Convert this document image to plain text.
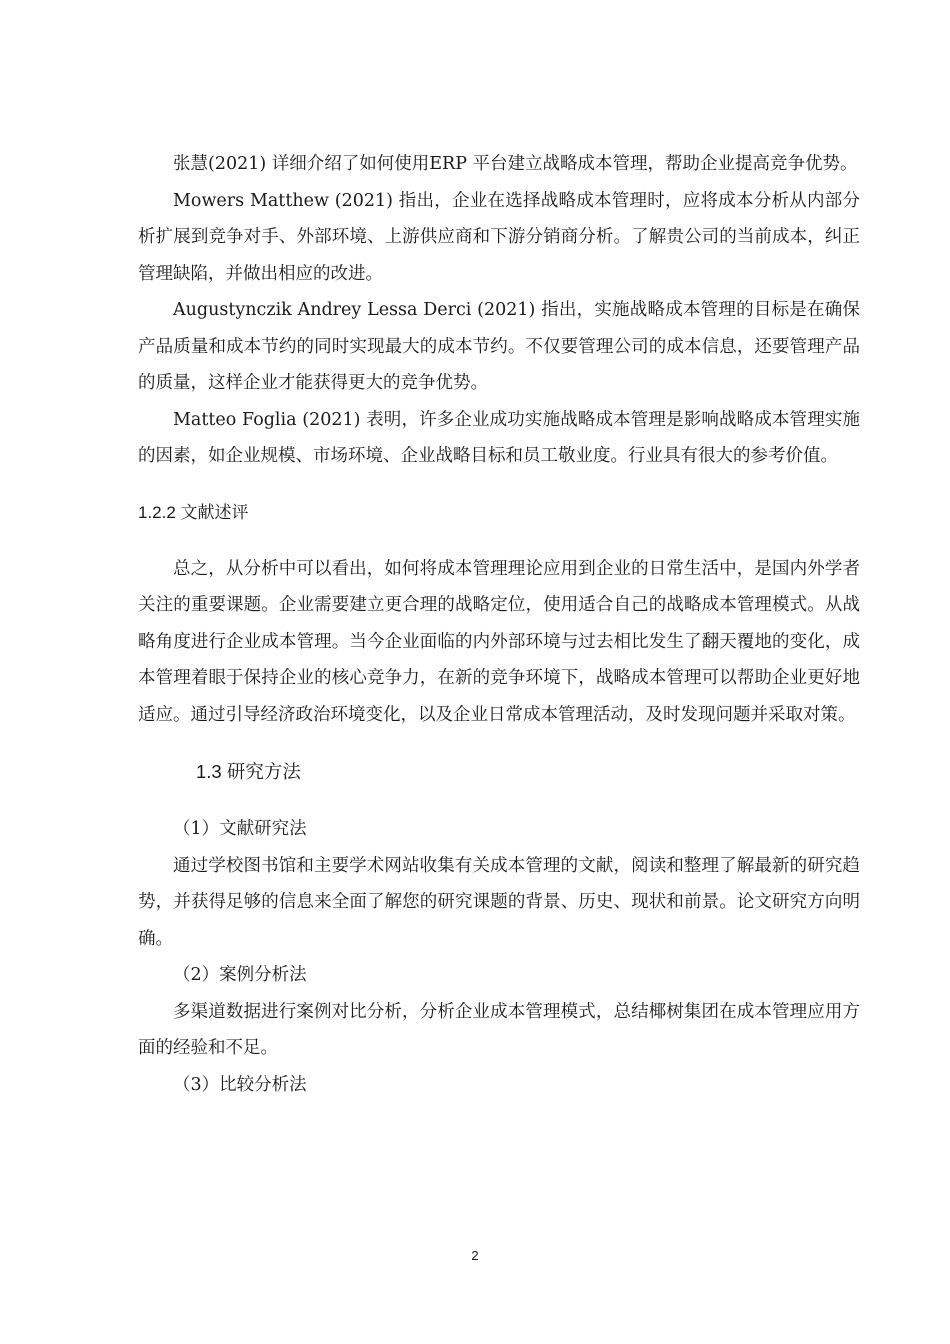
张慧(2021) 详细介绍了如何使用ERP 平台建立战略成本管理，帮助企业提高竞争优势。

Mowers Matthew (2021) 指出，企业在选择战略成本管理时，应将成本分析从内部分析扩展到竞争对手、外部环境、上游供应商和下游分销商分析。了解贵公司的当前成本，纠正管理缺陷，并做出相应的改进。

Augustynczik Andrey Lessa Derci (2021) 指出，实施战略成本管理的目标是在确保产品质量和成本节约的同时实现最大的成本节约。不仅要管理公司的成本信息，还要管理产品的质量，这样企业才能获得更大的竞争优势。

Matteo Foglia (2021) 表明，许多企业成功实施战略成本管理是影响战略成本管理实施的因素，如企业规模、市场环境、企业战略目标和员工敬业度。行业具有很大的参考价值。

1.2.2 文献述评

总之，从分析中可以看出，如何将成本管理理论应用到企业的日常生活中，是国内外学者关注的重要课题。企业需要建立更合理的战略定位，使用适合自己的战略成本管理模式。从战略角度进行企业成本管理。当今企业面临的内外部环境与过去相比发生了翻天覆地的变化，成本管理着眼于保持企业的核心竞争力，在新的竞争环境下，战略成本管理可以帮助企业更好地适应。通过引导经济政治环境变化，以及企业日常成本管理活动，及时发现问题并采取对策。

1.3 研究方法

（1）文献研究法

通过学校图书馆和主要学术网站收集有关成本管理的文献，阅读和整理了解最新的研究趋势，并获得足够的信息来全面了解您的研究课题的背景、历史、现状和前景。论文研究方向明确。

（2）案例分析法

多渠道数据进行案例对比分析，分析企业成本管理模式，总结椰树集团在成本管理应用方面的经验和不足。

（3）比较分析法

2
